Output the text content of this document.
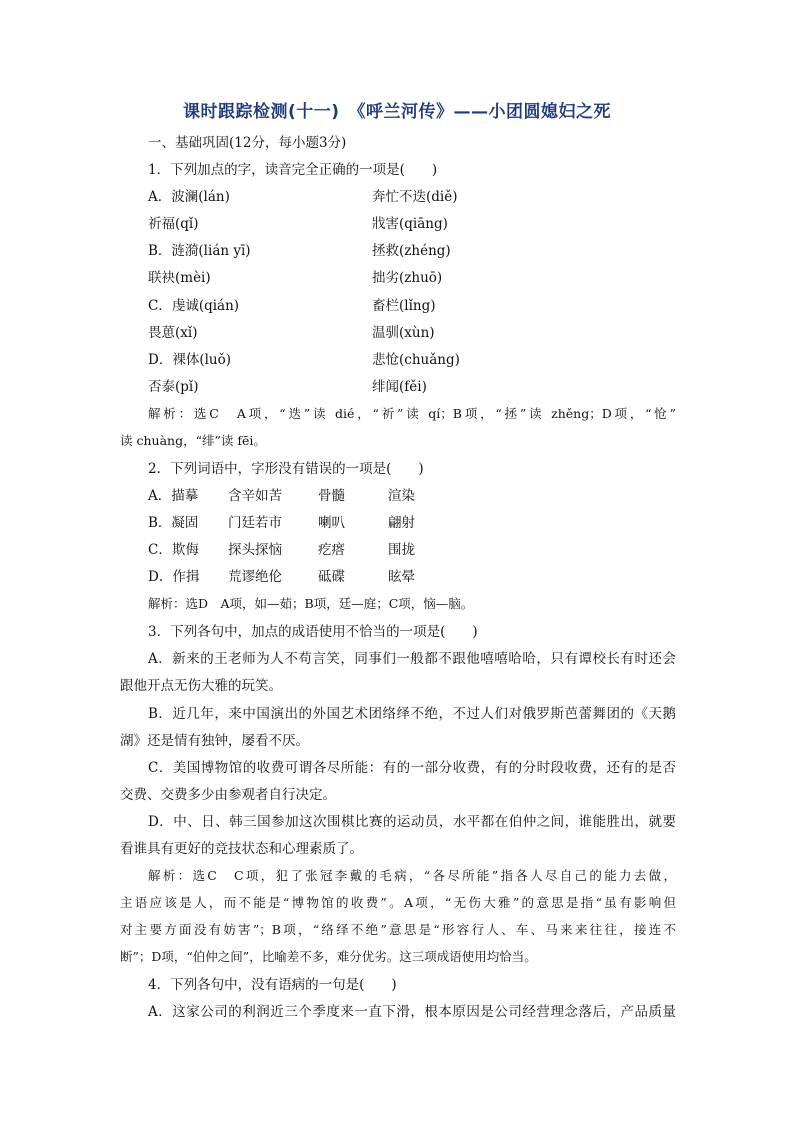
课时跟踪检测(十一)　《呼兰河传》——小团圆媳妇之死
一、基础巩固(12分，每小题3分)
1．下列加点的字，读音完全正确的一项是(　　)
A．波澜(lán)	奔忙不迭(diě)
祈福(qǐ)	戕害(qiāng)
B．涟漪(lián yī)	拯救(zhéng)
联袂(mèi)	拙劣(zhuō)
C．虔诚(qián)	畜栏(lǐng)
畏葸(xǐ)	温驯(xùn)
D．裸体(luǒ)	悲怆(chuǎng)
否泰(pǐ)	绯闻(fěi)
解析：选C　A项，“迭”读 dié，“祈”读 qí；B项，“拯”读 zhěng；D项，“怆”
读 chuàng，“绯”读 fēi。
2．下列词语中，字形没有错误的一项是(　　)
A．描摹 含辛如苦	骨髓	渲染
B．凝固 门廷若市	喇叭	翩射
C．欺侮 探头探恼	疙瘩	围拢
D．作揖 荒谬绝伦	砥碟	眩晕
解析：选D　A项，如—茹；B项，廷—庭；C项，恼—脑。
3．下列各句中，加点的成语使用不恰当的一项是(　　)
A．新来的王老师为人不苟言笑，同事们一般都不跟他嘻嘻哈哈，只有谭校长有时还会
跟他开点无伤大雅的玩笑。
B．近几年，来中国演出的外国艺术团络绎不绝，不过人们对俄罗斯芭蕾舞团的《天鹅
湖》还是情有独钟，屡看不厌。
C．美国博物馆的收费可谓各尽所能：有的一部分收费，有的分时段收费，还有的是否
交费、交费多少由参观者自行决定。
D．中、日、韩三国参加这次围棋比赛的运动员，水平都在伯仲之间，谁能胜出，就要
看谁具有更好的竞技状态和心理素质了。
解析：选C　C项，犯了张冠李戴的毛病，“各尽所能”指各人尽自己的能力去做，
主语应该是人，而不能是“博物馆的收费”。A项，“无伤大雅”的意思是指“虽有影响但
对主要方面没有妨害”；B项，“络绎不绝”意思是“形容行人、车、马来来往往，接连不
断”；D项，“伯仲之间”，比喻差不多，难分优劣。这三项成语使用均恰当。
4．下列各句中，没有语病的一句是(　　)
A．这家公司的利润近三个季度来一直下滑，根本原因是公司经营理念落后，产品质量
